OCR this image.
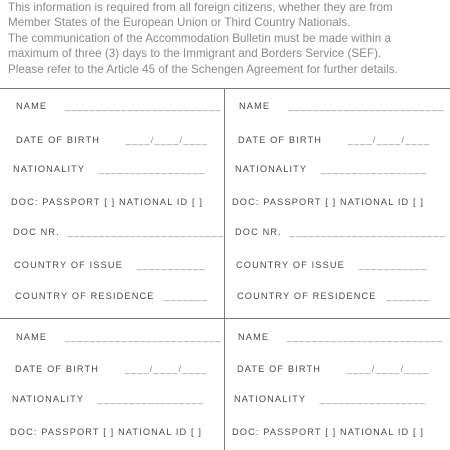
This information is required from all foreign citizens, whether they are from
Member States of the European Union or Third Country Nationals.
The communication of the Accommodation Bulletin must be made within a
maximum of three (3) days to the Immigrant and Borders Service (SEF).
Please refer to the Article 45 of the Schengen Agreement for further details.
NAME _________________________
DATE OF BIRTH	____/____/____
NATIONALITY _________________
DOC: PASSPORT [ ] NATIONAL ID [ ]
DOC NR. _________________________
COUNTRY OF ISSUE ___________
COUNTRY OF RESIDENCE _______
NAME _________________________
DATE OF BIRTH	____/____/____
NATIONALITY _________________
DOC: PASSPORT [ ] NATIONAL ID [ ]
DOC NR. _________________________
COUNTRY OF ISSUE ___________
COUNTRY OF RESIDENCE _______
NAME _________________________
DATE OF BIRTH	____/____/____
NATIONALITY _________________
DOC: PASSPORT [ ] NATIONAL ID [ ]
NAME _________________________
DATE OF BIRTH	____/____/____
NATIONALITY _________________
DOC: PASSPORT [ ] NATIONAL ID [ ]
